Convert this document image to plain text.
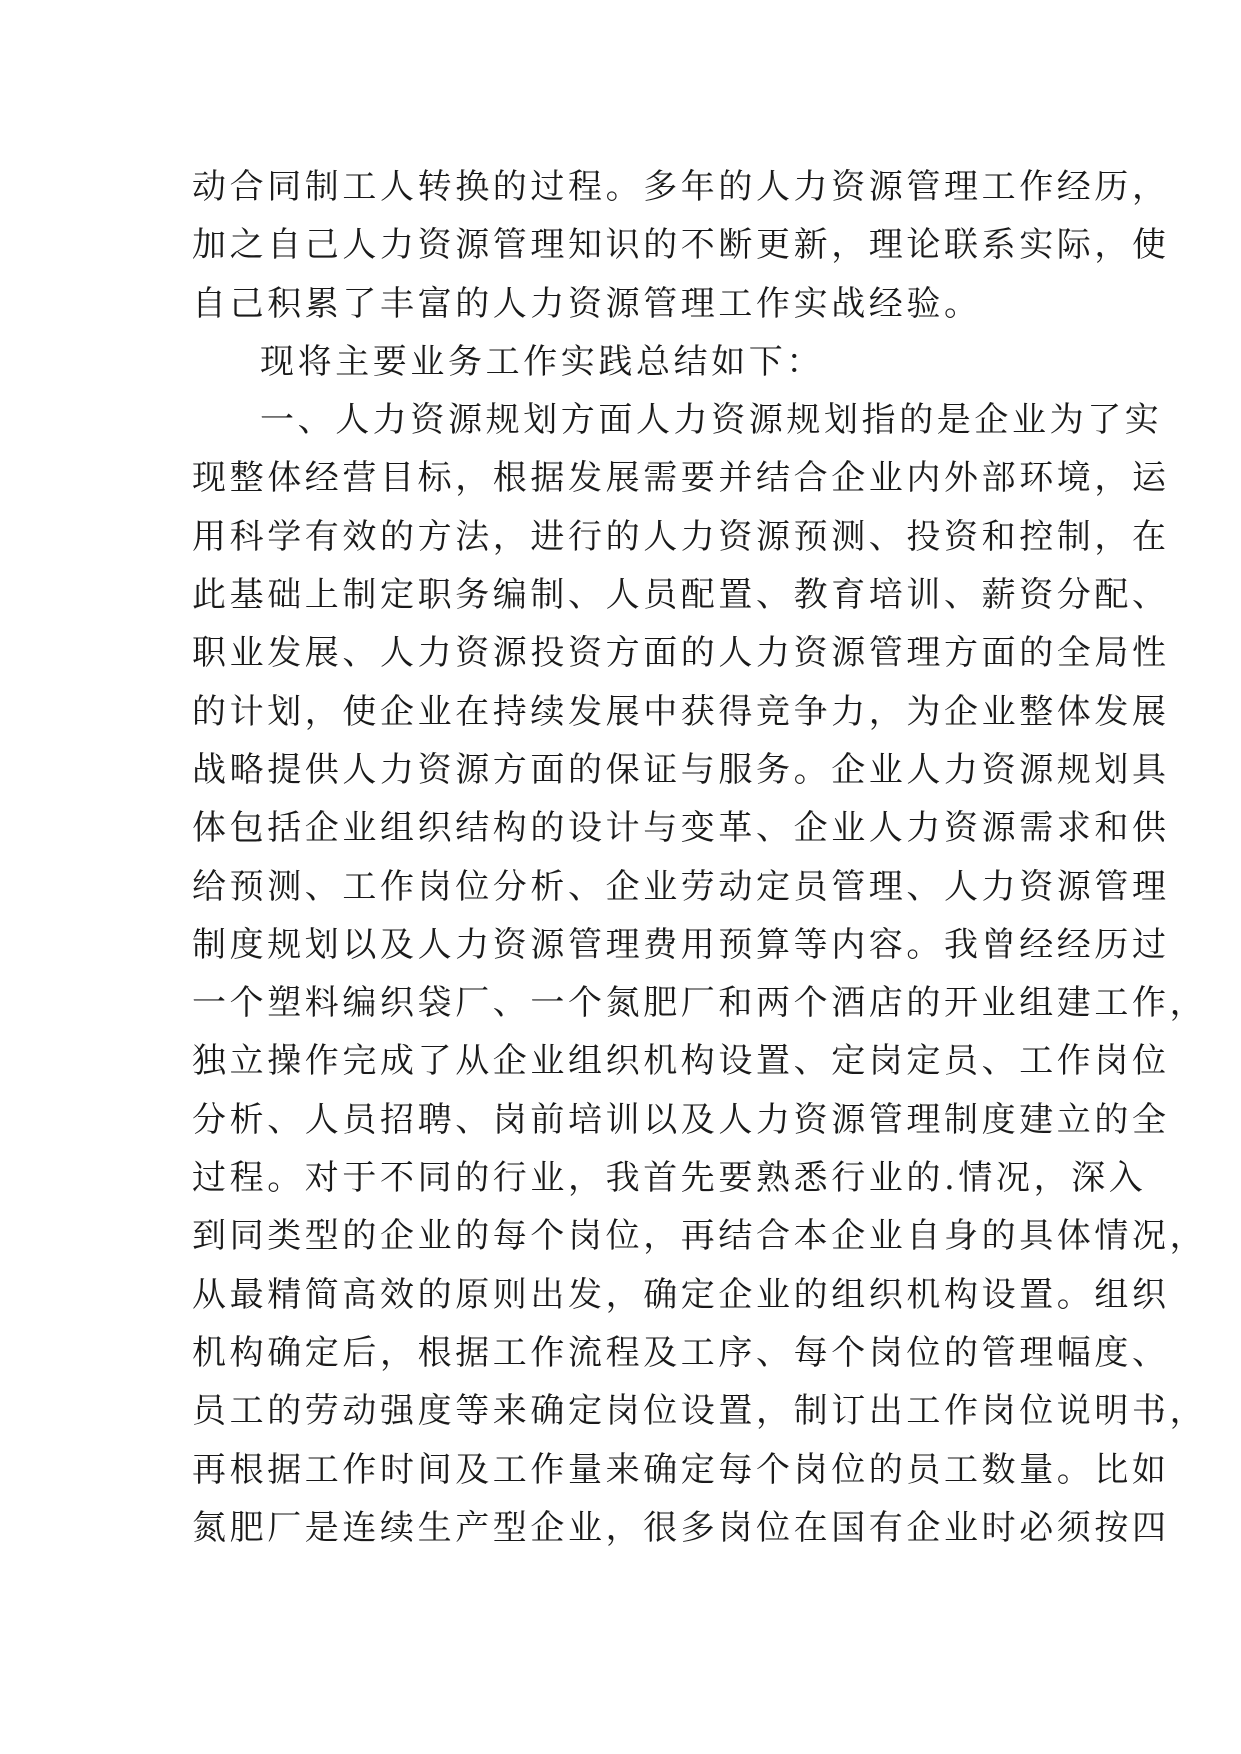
动合同制工人转换的过程。多年的人力资源管理工作经历，
加之自己人力资源管理知识的不断更新，理论联系实际，使
自己积累了丰富的人力资源管理工作实战经验。
现将主要业务工作实践总结如下：
一、人力资源规划方面人力资源规划指的是企业为了实
现整体经营目标，根据发展需要并结合企业内外部环境，运
用科学有效的方法，进行的人力资源预测、投资和控制，在
此基础上制定职务编制、人员配置、教育培训、薪资分配、
职业发展、人力资源投资方面的人力资源管理方面的全局性
的计划，使企业在持续发展中获得竞争力，为企业整体发展
战略提供人力资源方面的保证与服务。企业人力资源规划具
体包括企业组织结构的设计与变革、企业人力资源需求和供
给预测、工作岗位分析、企业劳动定员管理、人力资源管理
制度规划以及人力资源管理费用预算等内容。我曾经经历过
一个塑料编织袋厂、一个氮肥厂和两个酒店的开业组建工作，
独立操作完成了从企业组织机构设置、定岗定员、工作岗位
分析、人员招聘、岗前培训以及人力资源管理制度建立的全
过程。对于不同的行业，我首先要熟悉行业的.情况，深入
到同类型的企业的每个岗位，再结合本企业自身的具体情况，
从最精简高效的原则出发，确定企业的组织机构设置。组织
机构确定后，根据工作流程及工序、每个岗位的管理幅度、
员工的劳动强度等来确定岗位设置，制订出工作岗位说明书，
再根据工作时间及工作量来确定每个岗位的员工数量。比如
氮肥厂是连续生产型企业，很多岗位在国有企业时必须按四
